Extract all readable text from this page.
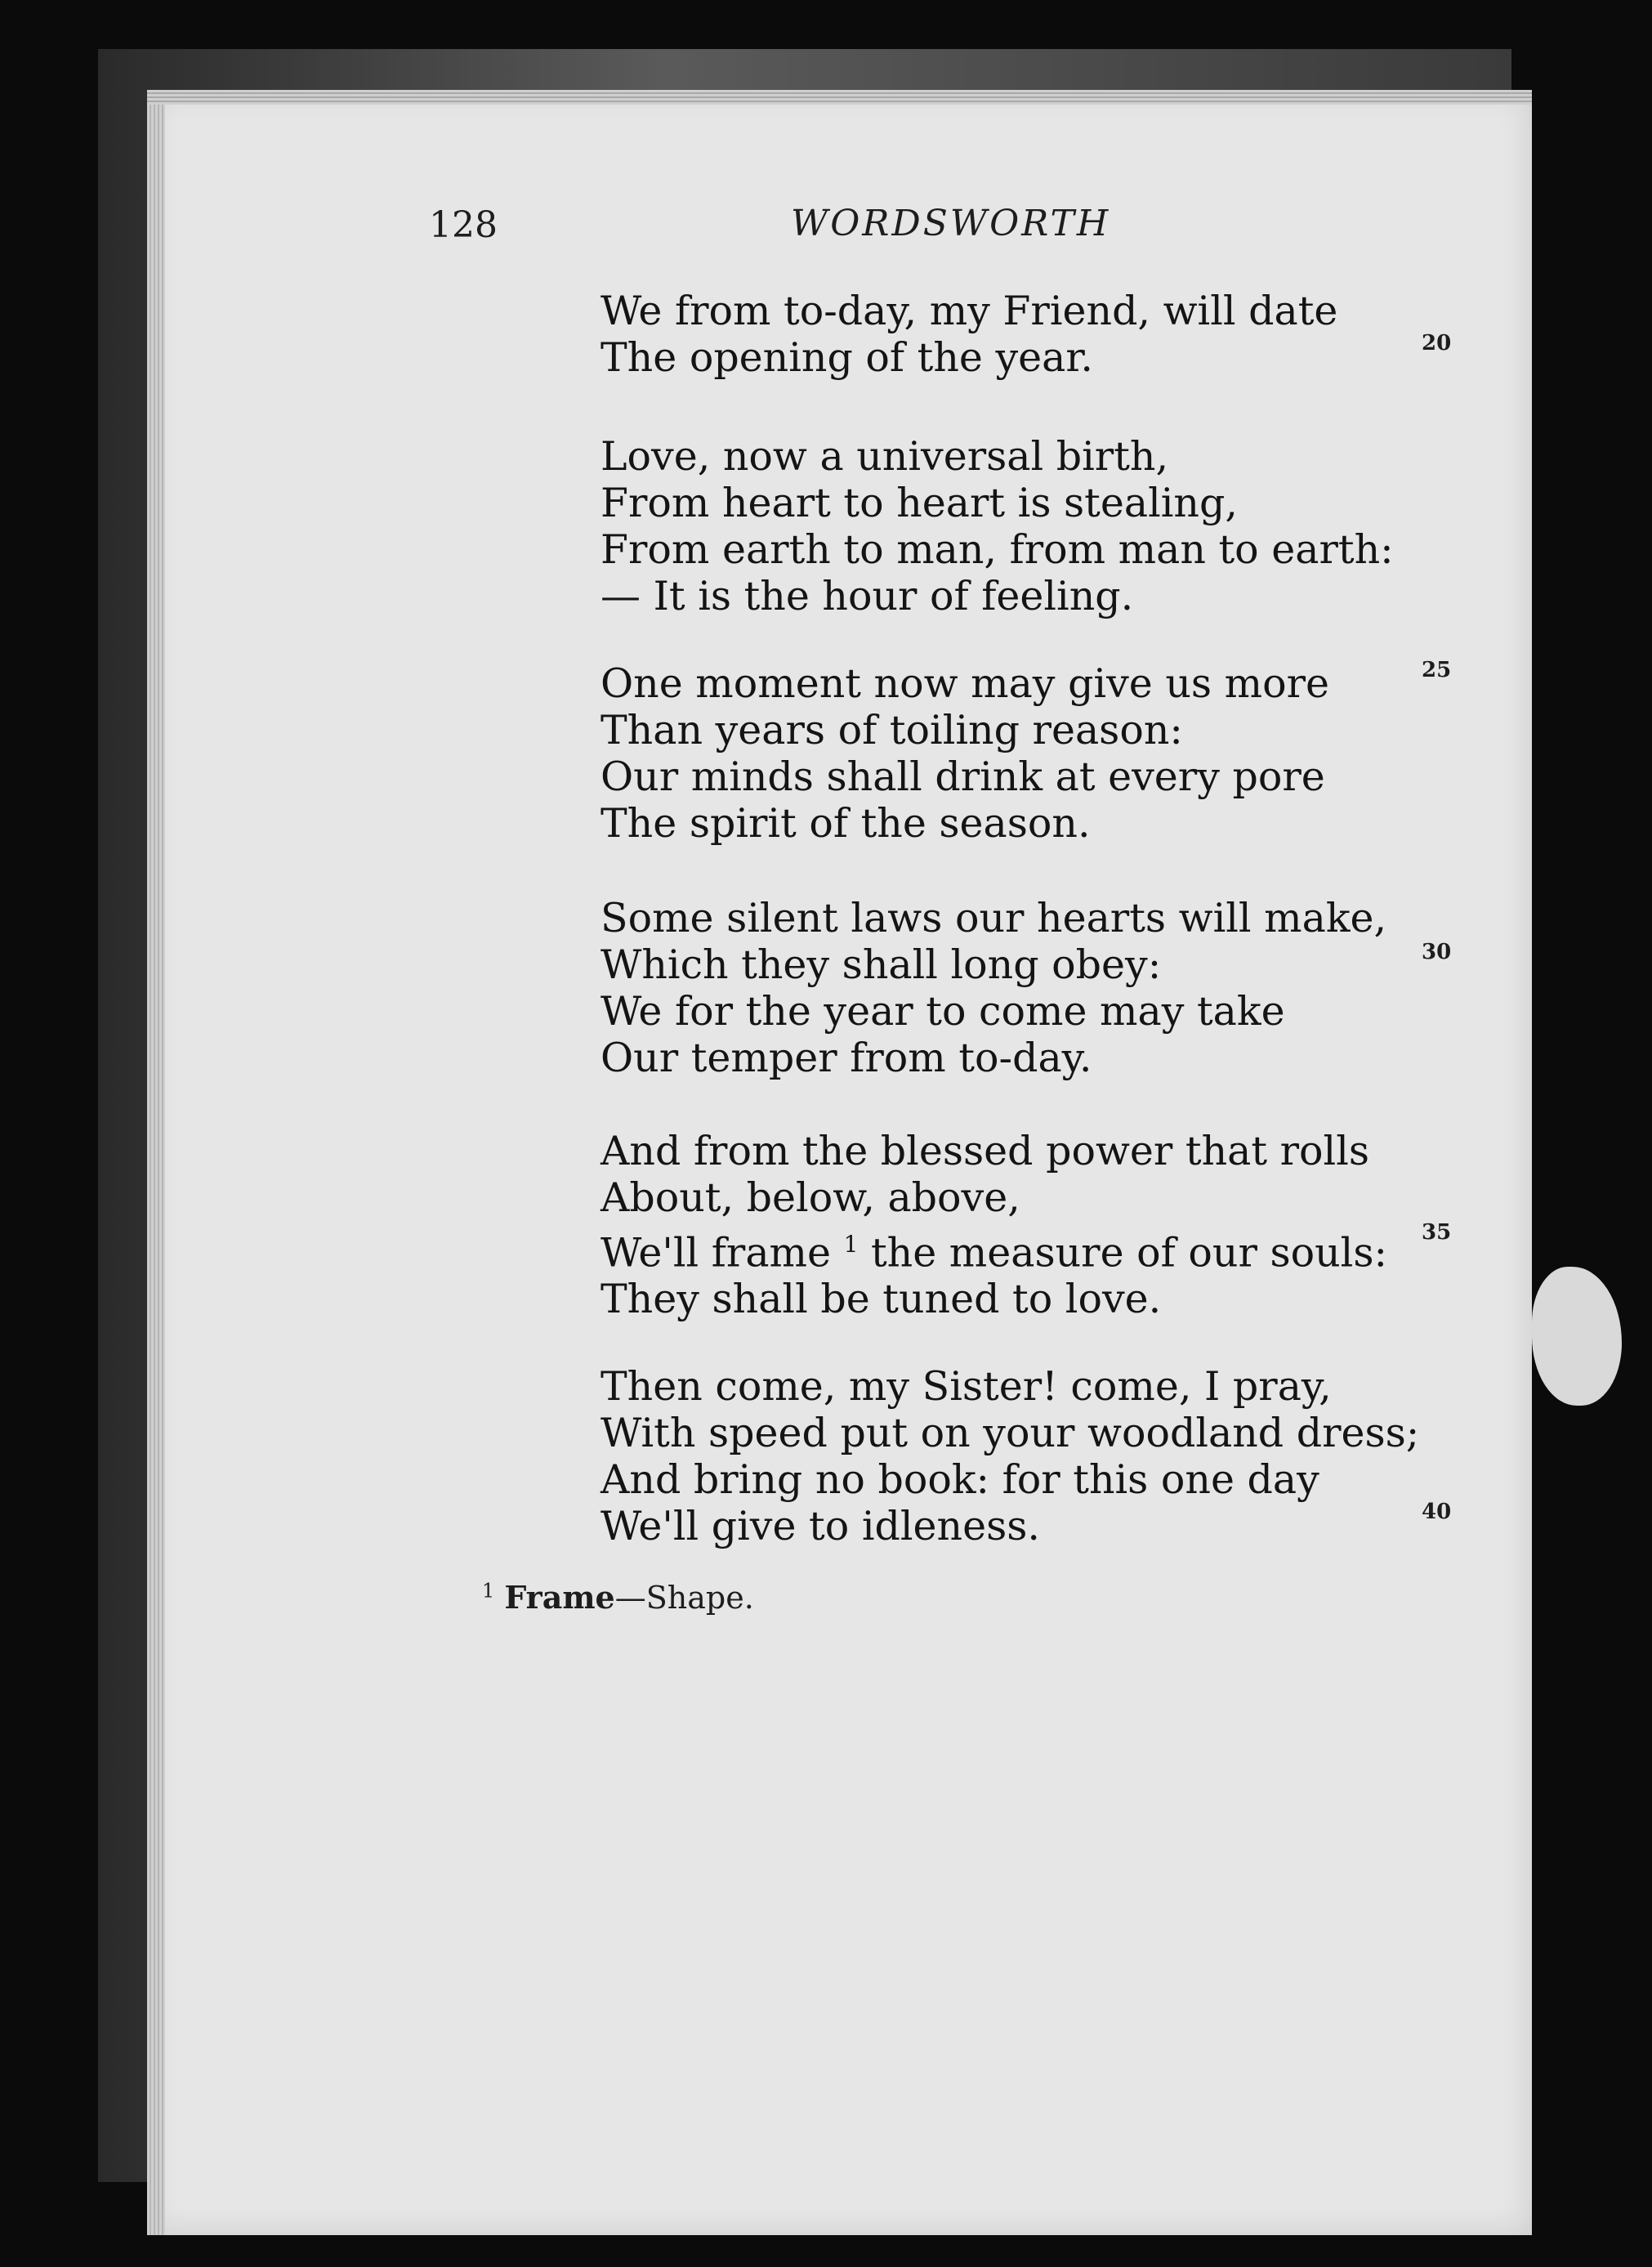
128	WORDSWORTH
We from to-day, my Friend, will date
The opening of the year.
Love, now a universal birth,
From heart to heart is stealing,
From earth to man, from man to earth:
— It is the hour of feeling.
One moment now may give us more
Than years of toiling reason:
Our minds shall drink at every pore
The spirit of the season.
Some silent laws our hearts will make,
Which they shall long obey:
We for the year to come may take
Our temper from to-day.
And from the blessed power that rolls
About, below, above,
We'll frame $^1$ the measure of our souls:
They shall be tuned to love.
Then come, my Sister! come, I pray,
With speed put on your woodland dress;
And bring no book: for this one day
We'll give to idleness.
20
25
30
35
40
$^1$ Frame—Shape.
